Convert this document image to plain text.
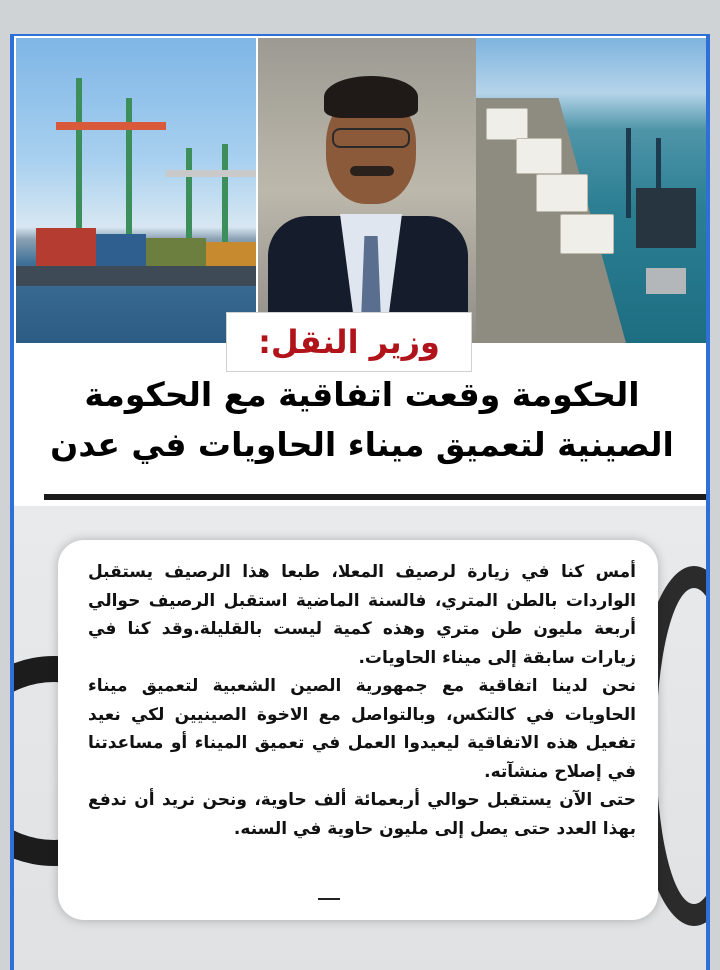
وزير النقل:
الحكومة وقعت اتفاقية مع الحكومة
الصينية لتعميق ميناء الحاويات في عدن

أمس كنا في زيارة لرصيف المعلا، طبعا هذا الرصيف يستقبل الواردات بالطن المتري، فالسنة الماضية استقبل الرصيف حوالي أربعة مليون طن متري وهذه كمية ليست بالقليلة.وقد كنا في زيارات سابقة إلى ميناء الحاويات.

نحن لدينا اتفاقية مع جمهورية الصين الشعبية لتعميق ميناء الحاويات في كالتكس، وبالتواصل مع الاخوة الصينيين لكي نعيد تفعيل هذه الاتفاقية ليعيدوا العمل في تعميق الميناء أو مساعدتنا في إصلاح منشآته.

حتى الآن يستقبل حوالي أربعمائة ألف حاوية، ونحن نريد أن ندفع بهذا العدد حتى يصل إلى مليون حاوية في السنه.
